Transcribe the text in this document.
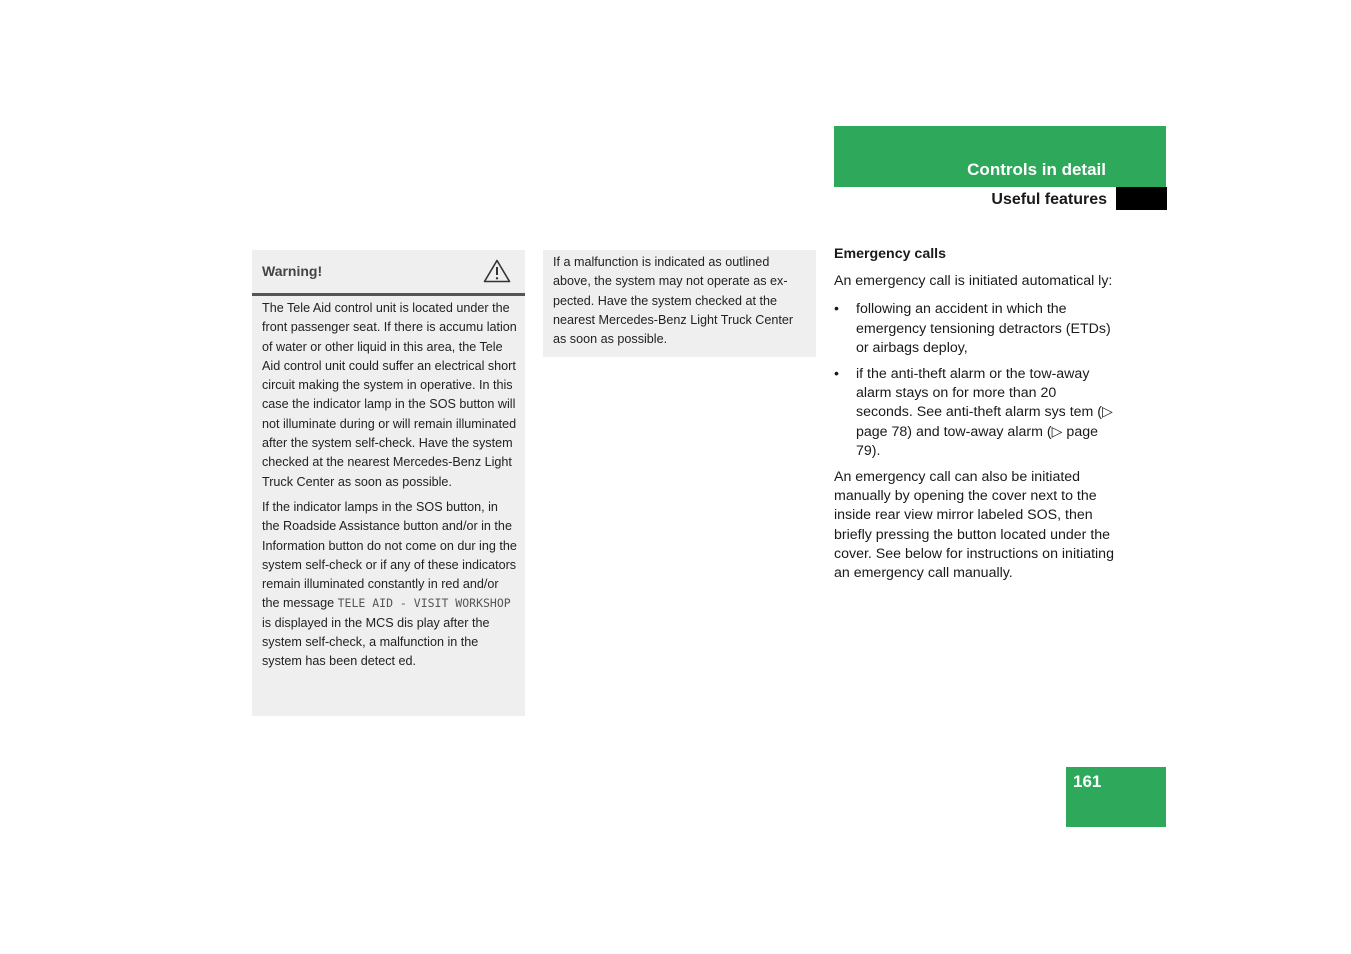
Controls in detail
Useful features
Warning!

The Tele Aid control unit is located under the front passenger seat. If there is accumu lation of water or other liquid in this area, the Tele Aid control unit could suffer an electrical short circuit making the system in operative. In this case the indicator lamp in the SOS button will not illuminate during or will remain illuminated after the system self-check. Have the system checked at the nearest Mercedes-Benz Light Truck Center as soon as possible.

If the indicator lamps in the SOS button, in the Roadside Assistance button and/or in the Information button do not come on dur ing the system self-check or if any of these indicators remain illuminated constantly in red and/or the message TELE AID - VISIT WORKSHOP is displayed in the MCS dis play after the system self-check, a malfunction in the system has been detect ed.

If a malfunction is indicated as outlined above, the system may not operate as ex pected. Have the system checked at the nearest Mercedes-Benz Light Truck Center as soon as possible.

Emergency calls

An emergency call is initiated automatical ly:

• following an accident in which the emergency tensioning detractors (ETDs) or airbags deploy,
• if the anti-theft alarm or the tow-away alarm stays on for more than 20 seconds. See anti-theft alarm sys tem (▷ page 78) and tow-away alarm (▷ page 79).

An emergency call can also be initiated manually by opening the cover next to the inside rear view mirror labeled SOS, then briefly pressing the button located under the cover. See below for instructions on initiating an emergency call manually.

161
